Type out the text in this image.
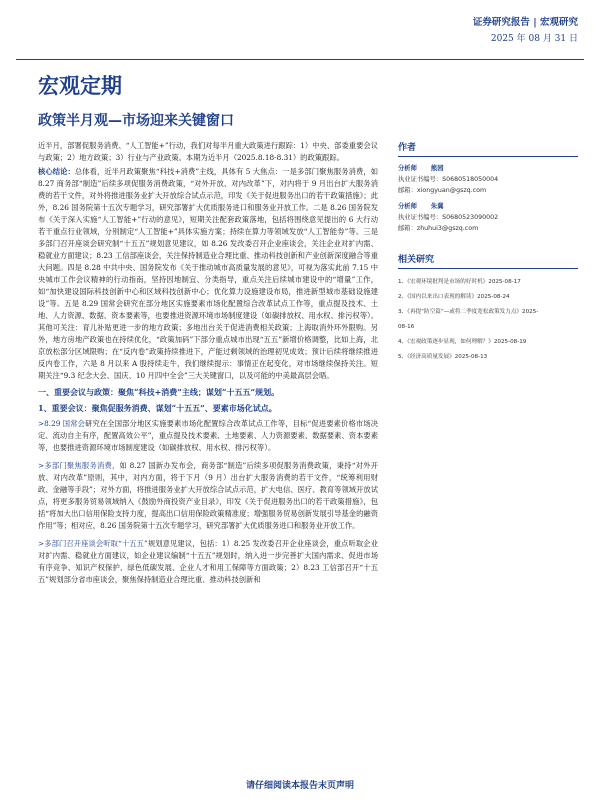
证券研究报告 | 宏观研究
2025 年 08 月 31 日
宏观定期
政策半月观—市场迎来关键窗口

近半月，部署促服务消费、“人工智能+”行动，我们对每半月重大政策进行跟踪：1）中央、部委重要会议与政策；2）地方政策；3）行业与产业政策。本期为近半月（2025.8.18-8.31）的政策跟踪。

核心结论：总体看，近半月政策聚焦“科技+消费”主线，具体有 5 大焦点：一是多部门聚焦服务消费，如 8.27 商务部“制造”后续多项促服务消费政策，“对外开放、对内改革”下，对内将于 9 月出台扩大服务消费的若干文件，对外将推进服务业扩大开放综合试点示范，印发《关于促进服务出口的若干政策措施》；此外，8.26 国务院第十五次专题学习，研究部署扩大优质服务进口和服务业开放工作。二是 8.26 国务院发布《关于深入实施“人工智能+”行动的意见》，短期关注配套政策落地，包括将围绕意见提出的 6 大行动若干重点行业领域，分别制定“人工智能+”具体实施方案；持续在算力等领域发放“人工智能券”等。三是多部门召开座谈会研究制“十五五”规划意见建议，如 8.26 发改委召开企业座谈会，关注企业对扩内需、稳就业方面建议；8.23 工信部座谈会，关注保持制造业合理比重、推动科技创新和产业创新深度融合等重大问题。四是 8.28 中共中央、国务院发布《关于推动城市高质量发展的意见》，可视为落实此前 7.15 中央城市工作会议精神的行动指南，坚持因地制宜、分类指导，重点关注后续城市建设中的“增量”工作，如“加快建设国际科技创新中心和区域科技创新中心；优化算力设施建设布局，推进新型城市基础设施建设”等。五是 8.29 国常会研究在部分地区实施要素市场化配置综合改革试点工作等，重点提及技术、土地、人力资源、数据、资本要素等，也要推进资源环境市场制度建设（如碳排放权、用水权、排污权等）。其他可关注：育儿补贴更进一步的地方政策；多地出台关于促进消费相关政策；上海取消外环外限购。另外，地方房地产政策也在持续优化，“政策加码”下部分重点城市出现“五五”新增价格调整，比如上海，北京放松部分区域限购；在“反内卷”政策持续推进下，产能过剩领域的治理初见成效；预计后续将继续推进反内卷工作，六是 8 月以来 A 股持续走牛，我们继续提示：事情正在起变化，对市场继续保持关注。短期关注“9.3 纪念大会、国庆、10 月四中全会”三大关键窗口，以及可能的中美最高层会晤。

一、重要会议与政策：聚焦“科技+消费”主线；谋划“十五五”规划。
1、重要会议：聚焦促服务消费、谋划“十五五”、要素市场化试点。

>8.29 国常会研究在全国部分地区实施要素市场化配置综合改革试点工作等，目标“促进要素价格市场决定、流动自主有序，配置高效公平”，重点提及技术要素、土地要素、人力资源要素、数据要素、资本要素等，也要推进资源环境市场制度建设（如碳排放权、用水权、排污权等）。

>多部门聚焦服务消费，如 8.27 国新办发布会，商务部“制造”后续多项促服务消费政策，秉持“对外开放、对内改革”原则，其中，对内方面，将于下月（9 月）出台扩大服务消费的若干文件，“统筹利用财政、金融等手段”；对外方面，将推进服务业扩大开放综合试点示范，扩大电信、医疗、教育等领域开放试点，将更多服务贸易领域纳入《鼓励外商投资产业目录》，印发《关于促进服务出口的若干政策措施》，包括“将加大出口信用保险支持力度，提高出口信用保险政策精准度；增强服务贸易创新发展引导基金的融资作用”等；相对应，8.26 国务院第十五次专题学习，研究部署扩大优质服务进口和服务业开放工作。

>多部门召开座谈会听取“十五五”规划意见建议，包括：1）8.25 发改委召开企业座谈会，重点听取企业对扩内需、稳就业方面建议，如企业建议编制“十五五”规划时，纳入进一步完善扩大国内需求、促进市场有序竞争、知识产权保护、绿色低碳发展、企业人才和用工保障等方面政策；2）8.23 工信部召开“十五五”规划部分省市座谈会，聚焦保持制造业合理比重、推动科技创新和

作者
分析师 熊园
执业证书编号：S0680518050004
邮箱：xiongyuan@gszq.com
分析师 朱冀
执业证书编号：S0680523090002
邮箱：zhuhui3@gszq.com
相关研究
1、《宏观环境批判是市场的好时机》2025-08-17
2、《国内以来出口表现的解读》2025-08-24
3、《再提“防空篇”—或将二季度宽松政策发力点》2025-
08-16
4、《宏观政策逐步显现，如何理解？》2025-08-19
5、《经济高质量发展》2025-08-13
请仔细阅读本报告末页声明
